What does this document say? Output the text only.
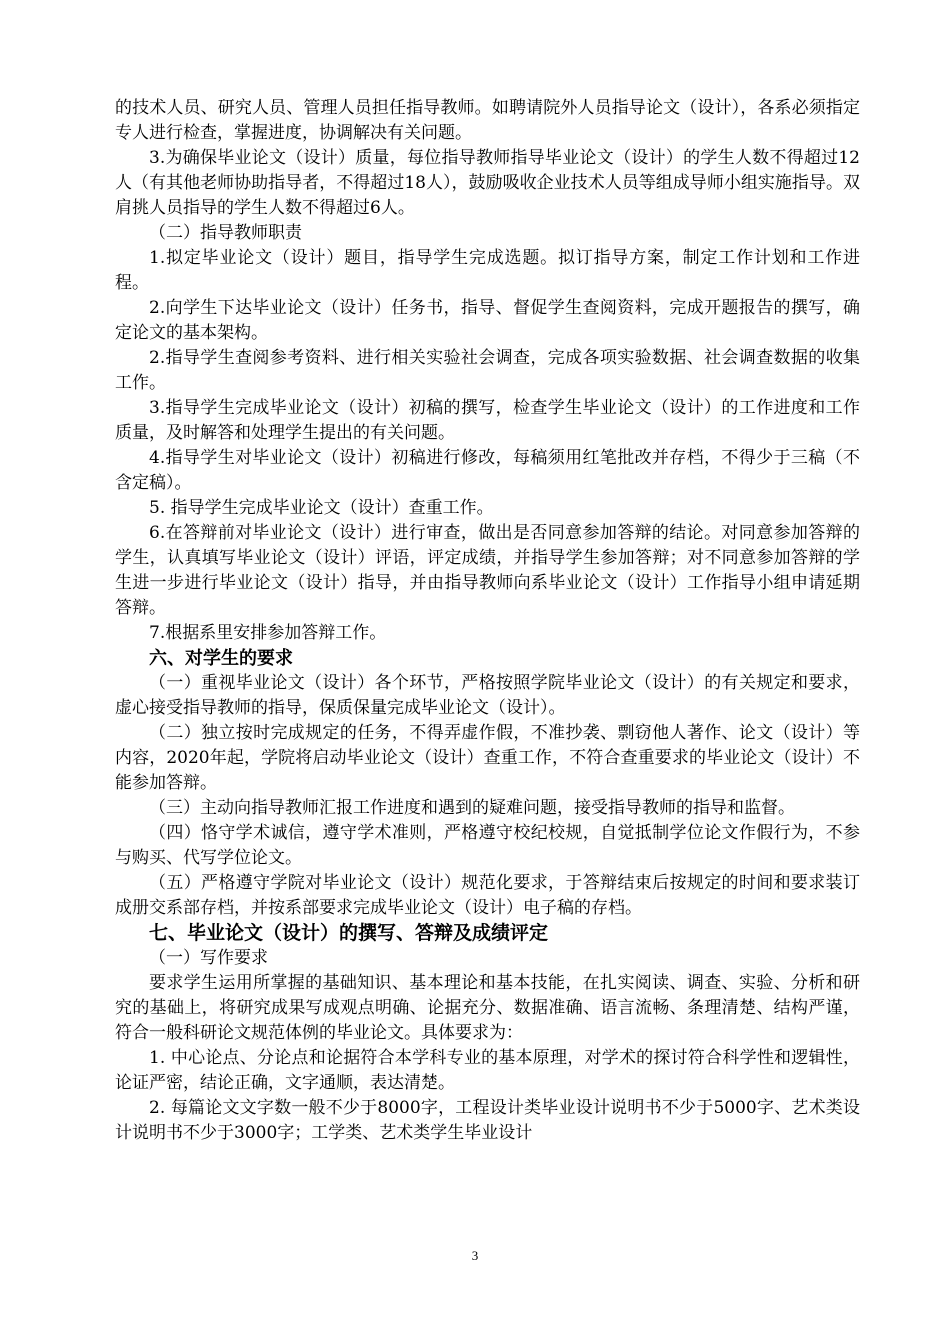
的技术人员、研究人员、管理人员担任指导教师。如聘请院外人员指导论文（设计），各系必须指定专人进行检查，掌握进度，协调解决有关问题。

3.为确保毕业论文（设计）质量，每位指导教师指导毕业论文（设计）的学生人数不得超过12人（有其他老师协助指导者，不得超过18人），鼓励吸收企业技术人员等组成导师小组实施指导。双肩挑人员指导的学生人数不得超过6人。

（二）指导教师职责

1.拟定毕业论文（设计）题目，指导学生完成选题。拟订指导方案，制定工作计划和工作进程。

2.向学生下达毕业论文（设计）任务书，指导、督促学生查阅资料，完成开题报告的撰写，确定论文的基本架构。

2.指导学生查阅参考资料、进行相关实验社会调查，完成各项实验数据、社会调查数据的收集工作。

3.指导学生完成毕业论文（设计）初稿的撰写，检查学生毕业论文（设计）的工作进度和工作质量，及时解答和处理学生提出的有关问题。

4.指导学生对毕业论文（设计）初稿进行修改，每稿须用红笔批改并存档，不得少于三稿（不含定稿）。

5. 指导学生完成毕业论文（设计）查重工作。

6.在答辩前对毕业论文（设计）进行审查，做出是否同意参加答辩的结论。对同意参加答辩的学生，认真填写毕业论文（设计）评语，评定成绩，并指导学生参加答辩；对不同意参加答辩的学生进一步进行毕业论文（设计）指导，并由指导教师向系毕业论文（设计）工作指导小组申请延期答辩。

7.根据系里安排参加答辩工作。

六、对学生的要求

（一）重视毕业论文（设计）各个环节，严格按照学院毕业论文（设计）的有关规定和要求，虚心接受指导教师的指导，保质保量完成毕业论文（设计）。

（二）独立按时完成规定的任务，不得弄虚作假，不准抄袭、剽窃他人著作、论文（设计）等内容，2020年起，学院将启动毕业论文（设计）查重工作，不符合查重要求的毕业论文（设计）不能参加答辩。

（三）主动向指导教师汇报工作进度和遇到的疑难问题，接受指导教师的指导和监督。

（四）恪守学术诚信，遵守学术准则，严格遵守校纪校规，自觉抵制学位论文作假行为，不参与购买、代写学位论文。

（五）严格遵守学院对毕业论文（设计）规范化要求，于答辩结束后按规定的时间和要求装订成册交系部存档，并按系部要求完成毕业论文（设计）电子稿的存档。

七、毕业论文（设计）的撰写、答辩及成绩评定

（一）写作要求

要求学生运用所掌握的基础知识、基本理论和基本技能，在扎实阅读、调查、实验、分析和研究的基础上，将研究成果写成观点明确、论据充分、数据准确、语言流畅、条理清楚、结构严谨，符合一般科研论文规范体例的毕业论文。具体要求为：

1. 中心论点、分论点和论据符合本学科专业的基本原理，对学术的探讨符合科学性和逻辑性，论证严密，结论正确，文字通顺，表达清楚。

2. 每篇论文文字数一般不少于8000字，工程设计类毕业设计说明书不少于5000字、艺术类设计说明书不少于3000字；工学类、艺术类学生毕业设计

3
